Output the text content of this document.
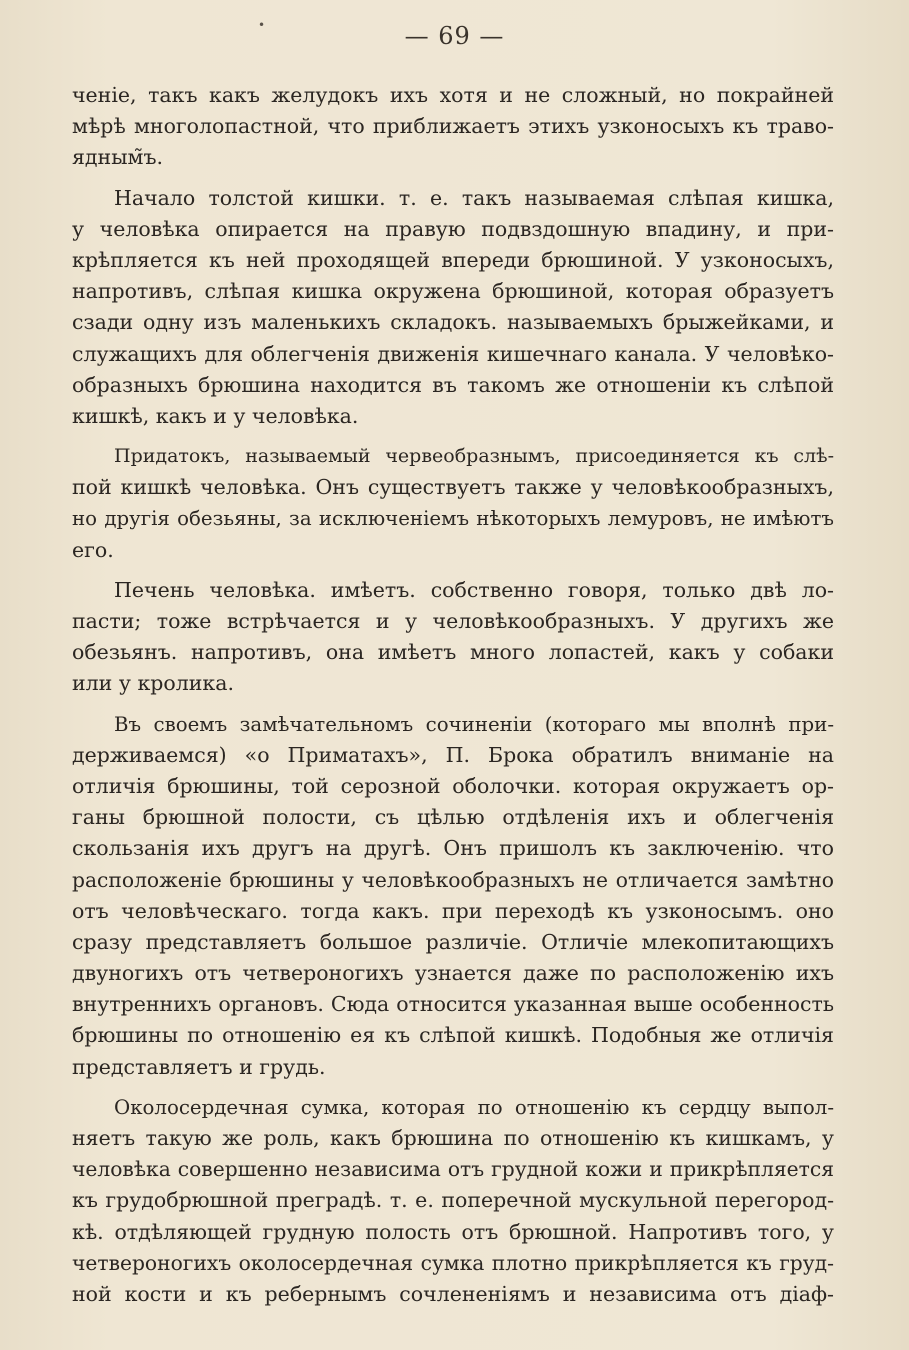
•	— 69 —
ченіе, такъ какъ желудокъ ихъ хотя и не сложный, но покрайней
мѣрѣ многолопастной, что приближаетъ этихъ узконосыхъ къ траво-
ядным̃ъ.
Начало толстой кишки. т. е. такъ называемая слѣпая кишка,
у человѣка опирается на правую подвздошную впадину, и при-
крѣпляется къ ней проходящей впереди брюшиной. У узконосыхъ,
напротивъ, слѣпая кишка окружена брюшиной, которая образуетъ
сзади одну изъ маленькихъ складокъ. называемыхъ брыжейками, и
служащихъ для облегченія движенія кишечнаго канала. У человѣко-
образныхъ брюшина находится въ такомъ же отношеніи къ слѣпой
кишкѣ, какъ и у человѣка.
Придатокъ, называемый червеобразнымъ, присоединяется къ слѣ-
пой кишкѣ человѣка. Онъ существуетъ также у человѣкообразныхъ,
но другія обезьяны, за исключеніемъ нѣкоторыхъ лемуровъ, не имѣютъ
его.
Печень человѣка. имѣетъ. собственно говоря, только двѣ ло-
пасти; тоже встрѣчается и у человѣкообразныхъ. У другихъ же
обезьянъ. напротивъ, она имѣетъ много лопастей, какъ у собаки
или у кролика.
Въ своемъ замѣчательномъ сочиненіи (котораго мы вполнѣ при-
держиваемся) «о Приматахъ», П. Брока обратилъ вниманіе на
отличія брюшины, той серозной оболочки. которая окружаетъ ор-
ганы брюшной полости, съ цѣлью отдѣленія ихъ и облегченія
скользанія ихъ другъ на другѣ. Онъ пришолъ къ заключенію. что
расположеніе брюшины у человѣкообразныхъ не отличается замѣтно
отъ человѣческаго. тогда какъ. при переходѣ къ узконосымъ. оно
сразу представляетъ большое различіе. Отличіе млекопитающихъ
двуногихъ отъ четвероногихъ узнается даже по расположенію ихъ
внутреннихъ органовъ. Сюда относится указанная выше особенность
брюшины по отношенію ея къ слѣпой кишкѣ. Подобныя же отличія
представляетъ и грудь.
Околосердечная сумка, которая по отношенію къ сердцу выпол-
няетъ такую же роль, какъ брюшина по отношенію къ кишкамъ, у
человѣка совершенно независима отъ грудной кожи и прикрѣпляется
къ грудобрюшной преградѣ. т. е. поперечной мускульной перегород-
кѣ. отдѣляющей грудную полость отъ брюшной. Напротивъ того, у
четвероногихъ околосердечная сумка плотно прикрѣпляется къ груд-
ной кости и къ ребернымъ сочлененіямъ и независима отъ діаф-
